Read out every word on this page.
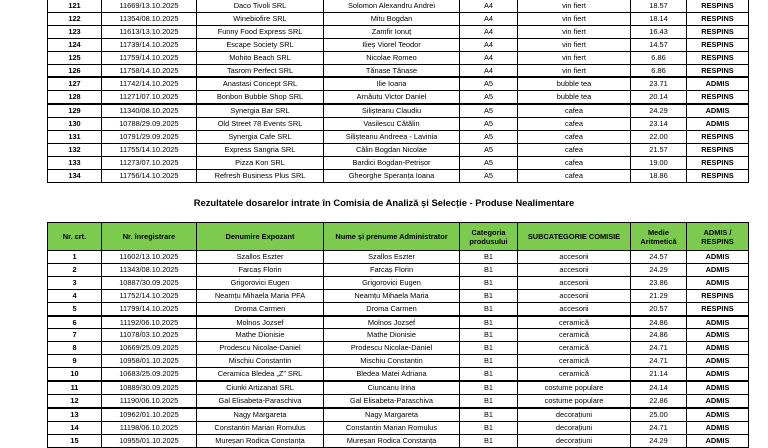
121	11669/13.10.2025	Daco Tivoli SRL	Solomon Alexandru Andrei	A4	vin fiert	18.57	RESPINS
122	11354/08.10.2025	Winebiofire SRL	Mitu Bogdan	A4	vin fiert	18.14	RESPINS
123	11613/13.10.2025	Funny Food Express SRL	Zamfir Ionuț	A4	vin fiert	16.43	RESPINS
124	11739/14.10.2025	Escape Society SRL	Ilieș Viorel Teodor	A4	vin fiert	14.57	RESPINS
125	11759/14.10.2025	Mohito Beach SRL	Nicolae Romeo	A4	vin fiert	6.86	RESPINS
126	11758/14.10.2025	Tasrom Perfect SRL	Tănase Tănase	A4	vin fiert	6.86	RESPINS
127	11742/14.10.2025	Anastasi Concept SRL	Ilie Ioana	A5	bubble tea	23.71	ADMIS
128	11271/07.10.2025	Bonbon Bubble Shop SRL	Arnăutu Victor Daniel	A5	bubble tea	20.14	RESPINS
129	11340/08.10.2025	Synergia Bar SRL	Siliștеanu Claudiu	A5	cafea	24.29	ADMIS
130	10788/29.09.2025	Old Street 78 Events SRL	Vasilescu Cătălin	A5	cafea	23.14	ADMIS
131	10791/29.09.2025	Synergia Cafe SRL	Siliștеanu Andreea - Lavinia	A5	cafea	22.00	RESPINS
132	11755/14.10.2025	Express Sangria SRL	Călin Bogdan Nicolae	A5	cafea	21.57	RESPINS
133	11273/07.10.2025	Pizza Kon SRL	Bardici Bogdan-Petrișor	A5	cafea	19.00	RESPINS
134	11756/14.10.2025	Refresh Business Plus SRL	Gheorghe Speranța Ioana	A5	cafea	18.86	RESPINS
Rezultatele dosarelor intrate în Comisia de Analiză și Selecție - Produse Nealimentare
Nr. crt.	Nr. înregistrare	Denumire Expozant	Nume și prenume Administrator	Categoria produsului	SUBCATEGORIE COMISIE	Medie Aritmetică	ADMIS / RESPINS
1	11602/13.10.2025	Szallos Eszter	Szallos Eszter	B1	accesorii	24.57	ADMIS
2	11343/08.10.2025	Farcaș Florin	Farcaș Florin	B1	accesorii	24.29	ADMIS
3	10887/30.09.2025	Grigorovici Eugen	Grigorovici Eugen	B1	accesorii	23.86	ADMIS
4	11752/14.10.2025	Neamțu Mihaela Maria PFA	Neamțu Mihaela Maria	B1	accesorii	21.29	RESPINS
5	11799/14.10.2025	Droma Carmen	Droma Carmen	B1	accesorii	20.57	RESPINS
6	11192/06.10.2025	Molnos Jozsef	Molnos Jozsef	B1	ceramică	24.86	ADMIS
7	11078/03.10.2025	Mathe Dionisie	Mathe Dionisie	B1	ceramică	24.86	ADMIS
8	10669/25.09.2025	Prodescu Nicolae-Daniel	Prodescu Nicolae-Daniel	B1	ceramică	24.71	ADMIS
9	10958/01.10.2025	Mischiu Constantin	Mischiu Constantin	B1	ceramică	24.71	ADMIS
10	10683/25.09.2025	Ceramica Bledea „Z” SRL	Bledea Matei Adriana	B1	ceramică	21.14	ADMIS
11	10889/30.09.2025	Ciunki Artizanat SRL	Ciuncanu Irina	B1	costume populare	24.14	ADMIS
12	11190/06.10.2025	Gal Elisabeta-Paraschiva	Gal Elisabeta-Paraschiva	B1	costume populare	22.86	ADMIS
13	10962/01.10.2025	Nagy Margareta	Nagy Margareta	B1	decorațiuni	25.00	ADMIS
14	11198/06.10.2025	Constantin Marian Romulus	Constantin Marian Romulus	B1	decorațiuni	24.71	ADMIS
15	10955/01.10.2025	Mureșan Rodica Constanța	Mureșan Rodica Constanța	B1	decorațiuni	24.29	ADMIS
